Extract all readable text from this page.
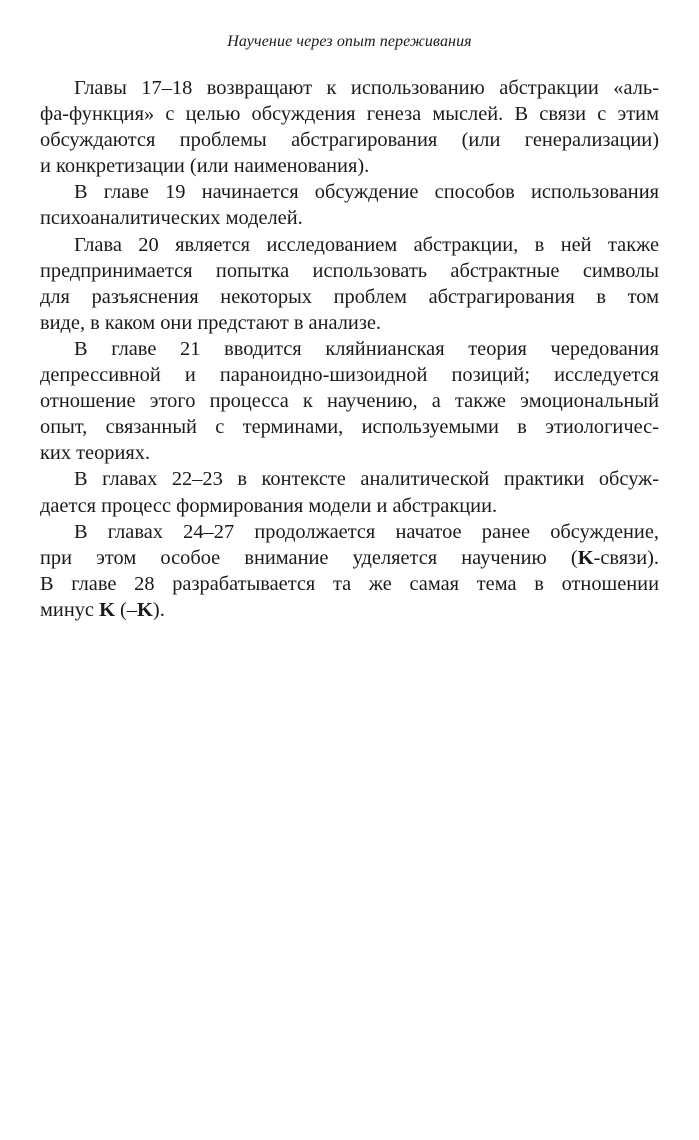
Научение через опыт переживания
Главы 17–18 возвращают к использованию абстракции «аль-
фа-функция» с целью обсуждения генеза мыслей. В связи с этим
обсуждаются проблемы абстрагирования (или генерализации)
и конкретизации (или наименования).
В главе 19 начинается обсуждение способов использования
психоаналитических моделей.
Глава 20 является исследованием абстракции, в ней также
предпринимается попытка использовать абстрактные символы
для разъяснения некоторых проблем абстрагирования в том
виде, в каком они предстают в анализе.
В главе 21 вводится кляйнианская теория чередования
депрессивной и параноидно-шизоидной позиций; исследуется
отношение этого процесса к научению, а также эмоциональный
опыт, связанный с терминами, используемыми в этиологичес-
ких теориях.
В главах 22–23 в контексте аналитической практики обсуж-
дается процесс формирования модели и абстракции.
В главах 24–27 продолжается начатое ранее обсуждение,
при этом особое внимание уделяется научению (K-связи).
В главе 28 разрабатывается та же самая тема в отношении
минус K (–K).
